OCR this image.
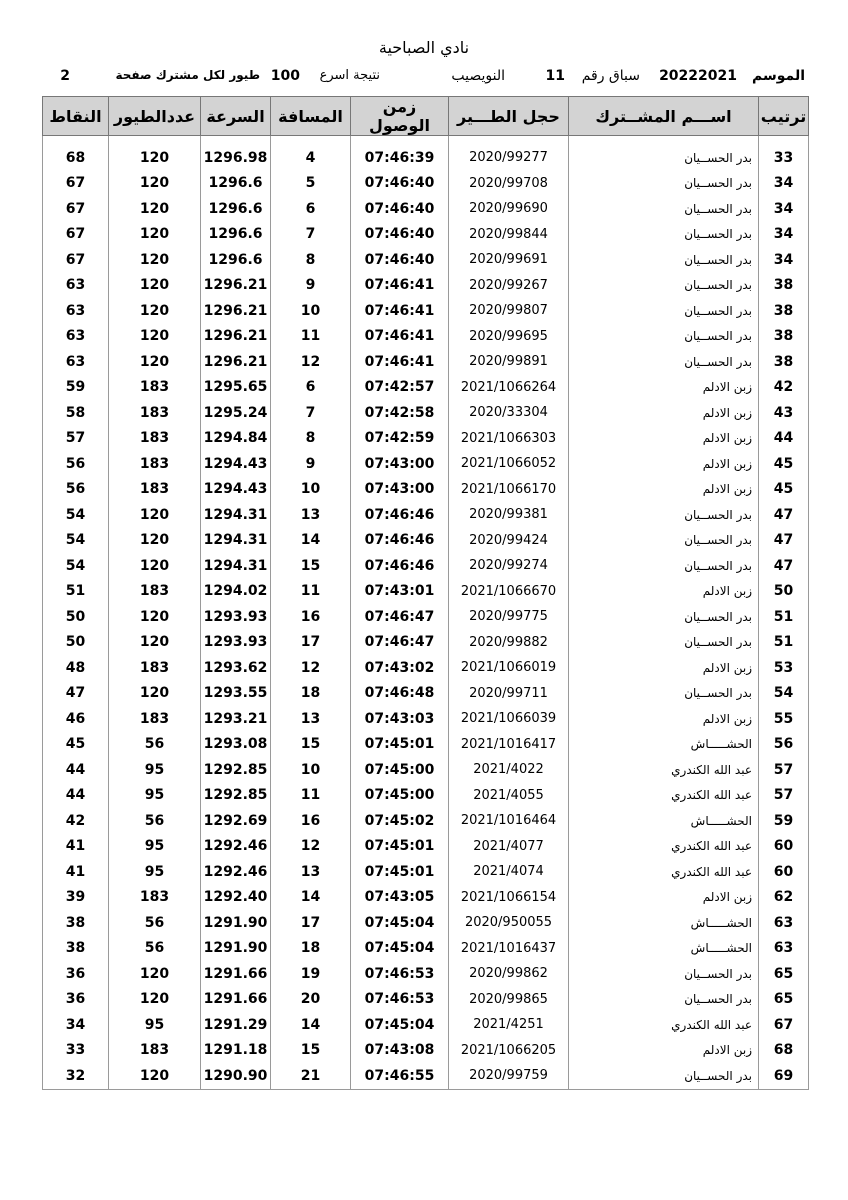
نادي الصباحية
الموسم
20222021
سباق رقم
11
النويصيب
نتيجة اسرع
100
طيور لكل مشترك صفحة
2
ترتيب	اســـم المشــترك	حجل الطـــير	زمن الوصول	المسافة	السرعة	عددالطيور	النقاط

33	بدر الحســيان	2020/99277	07:46:39	4	1296.98	120	68
34	بدر الحســيان	2020/99708	07:46:40	5	1296.6	120	67
34	بدر الحســيان	2020/99690	07:46:40	6	1296.6	120	67
34	بدر الحســيان	2020/99844	07:46:40	7	1296.6	120	67
34	بدر الحســيان	2020/99691	07:46:40	8	1296.6	120	67
38	بدر الحســيان	2020/99267	07:46:41	9	1296.21	120	63
38	بدر الحســيان	2020/99807	07:46:41	10	1296.21	120	63
38	بدر الحســيان	2020/99695	07:46:41	11	1296.21	120	63
38	بدر الحســيان	2020/99891	07:46:41	12	1296.21	120	63
42	زبن الادلم	2021/1066264	07:42:57	6	1295.65	183	59
43	زبن الادلم	2020/33304	07:42:58	7	1295.24	183	58
44	زبن الادلم	2021/1066303	07:42:59	8	1294.84	183	57
45	زبن الادلم	2021/1066052	07:43:00	9	1294.43	183	56
45	زبن الادلم	2021/1066170	07:43:00	10	1294.43	183	56
47	بدر الحســيان	2020/99381	07:46:46	13	1294.31	120	54
47	بدر الحســيان	2020/99424	07:46:46	14	1294.31	120	54
47	بدر الحســيان	2020/99274	07:46:46	15	1294.31	120	54
50	زبن الادلم	2021/1066670	07:43:01	11	1294.02	183	51
51	بدر الحســيان	2020/99775	07:46:47	16	1293.93	120	50
51	بدر الحســيان	2020/99882	07:46:47	17	1293.93	120	50
53	زبن الادلم	2021/1066019	07:43:02	12	1293.62	183	48
54	بدر الحســيان	2020/99711	07:46:48	18	1293.55	120	47
55	زبن الادلم	2021/1066039	07:43:03	13	1293.21	183	46
56	الحشـــــاش	2021/1016417	07:45:01	15	1293.08	56	45
57	عبد الله الكندري	2021/4022	07:45:00	10	1292.85	95	44
57	عبد الله الكندري	2021/4055	07:45:00	11	1292.85	95	44
59	الحشـــــاش	2021/1016464	07:45:02	16	1292.69	56	42
60	عبد الله الكندري	2021/4077	07:45:01	12	1292.46	95	41
60	عبد الله الكندري	2021/4074	07:45:01	13	1292.46	95	41
62	زبن الادلم	2021/1066154	07:43:05	14	1292.40	183	39
63	الحشـــــاش	2020/950055	07:45:04	17	1291.90	56	38
63	الحشـــــاش	2021/1016437	07:45:04	18	1291.90	56	38
65	بدر الحســيان	2020/99862	07:46:53	19	1291.66	120	36
65	بدر الحســيان	2020/99865	07:46:53	20	1291.66	120	36
67	عبد الله الكندري	2021/4251	07:45:04	14	1291.29	95	34
68	زبن الادلم	2021/1066205	07:43:08	15	1291.18	183	33
69	بدر الحســيان	2020/99759	07:46:55	21	1290.90	120	32
